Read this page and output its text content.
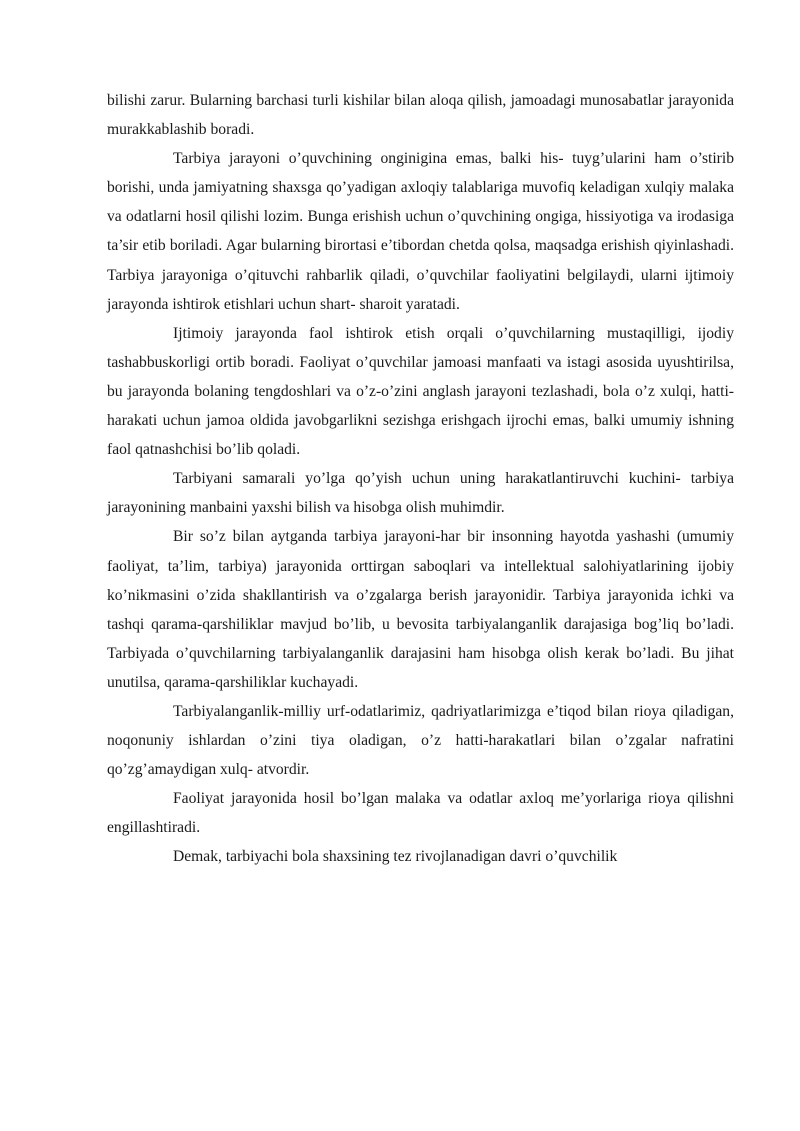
bilishi zarur. Bularning barchasi turli kishilar bilan aloqa qilish, jamoadagi munosabatlar jarayonida murakkablashib boradi.

Tarbiya jarayoni o’quvchining onginigina emas, balki his- tuyg’ularini ham o’stirib borishi, unda jamiyatning shaxsga qo’yadigan axloqiy talablariga muvofiq keladigan xulqiy malaka va odatlarni hosil qilishi lozim. Bunga erishish uchun o’quvchining ongiga, hissiyotiga va irodasiga ta’sir etib boriladi. Agar bularning birortasi e’tibordan chetda qolsa, maqsadga erishish qiyinlashadi. Tarbiya jarayoniga o’qituvchi rahbarlik qiladi, o’quvchilar faoliyatini belgilaydi, ularni ijtimoiy jarayonda ishtirok etishlari uchun shart- sharoit yaratadi.

Ijtimoiy jarayonda faol ishtirok etish orqali o’quvchilarning mustaqilligi, ijodiy tashabbuskorligi ortib boradi. Faoliyat o’quvchilar jamoasi manfaati va istagi asosida uyushtirilsa, bu jarayonda bolaning tengdoshlari va o’z-o’zini anglash jarayoni tezlashadi, bola o’z xulqi, hatti-harakati uchun jamoa oldida javobgarlikni sezishga erishgach ijrochi emas, balki umumiy ishning faol qatnashchisi bo’lib qoladi.

Tarbiyani samarali yo’lga qo’yish uchun uning harakatlantiruvchi kuchini- tarbiya jarayonining manbaini yaxshi bilish va hisobga olish muhimdir.

Bir so’z bilan aytganda tarbiya jarayoni-har bir insonning hayotda yashashi (umumiy faoliyat, ta’lim, tarbiya) jarayonida orttirgan saboqlari va intellektual salohiyatlarining ijobiy ko’nikmasini o’zida shakllantirish va o’zgalarga berish jarayonidir. Tarbiya jarayonida ichki va tashqi qarama-qarshiliklar mavjud bo’lib, u bevosita tarbiyalanganlik darajasiga bog’liq bo’ladi. Tarbiyada o’quvchilarning tarbiyalanganlik darajasini ham hisobga olish kerak bo’ladi. Bu jihat unutilsa, qarama-qarshiliklar kuchayadi.

Tarbiyalanganlik-milliy urf-odatlarimiz, qadriyatlarimizga e’tiqod bilan rioya qiladigan, noqonuniy ishlardan o’zini tiya oladigan, o’z hatti-harakatlari bilan o’zgalar nafratini qo’zg’amaydigan xulq- atvordir.

Faoliyat jarayonida hosil bo’lgan malaka va odatlar axloq me’yorlariga rioya qilishni engillashtiradi.

Demak, tarbiyachi bola shaxsining tez rivojlanadigan davri o’quvchilik
